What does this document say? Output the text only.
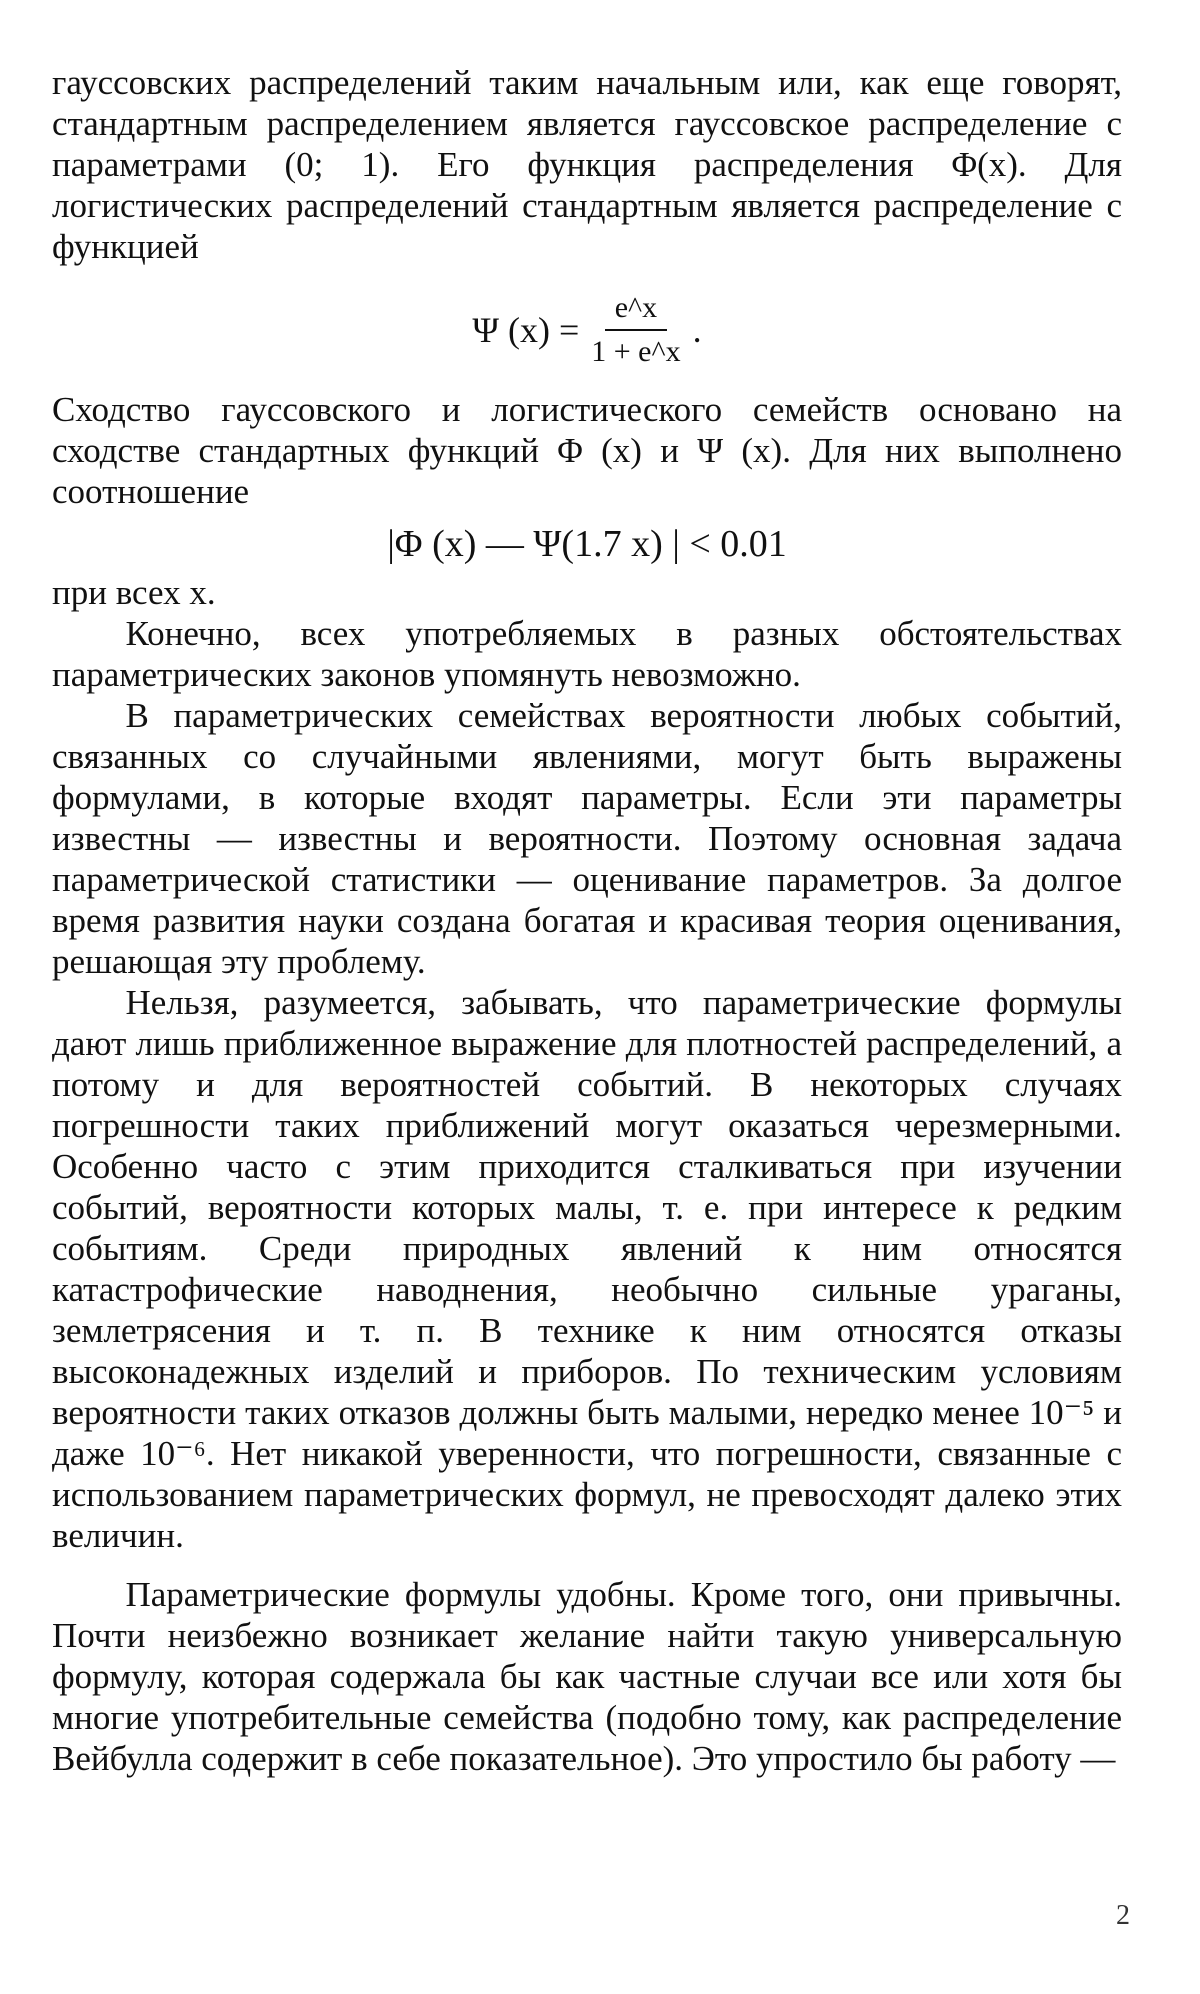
гауссовских распределений таким начальным или, как еще говорят, стандартным распределением является гауссовское распределение с параметрами (0; 1). Его функция распределения Φ(x). Для логистических распределений стандартным является распределение с функцией

Ψ $(x) = \frac{e\^{}x}{1 + e\^{}x}$ .

Сходство гауссовского и логистического семейств основано на сходстве стандартных функций Φ (x) и Ψ (x). Для них выполнено соотношение

|Φ (x) — Ψ(1.7 x) | < 0.01

при всех x.

Конечно, всех употребляемых в разных обстоятельствах параметрических законов упомянуть невозможно.

В параметрических семействах вероятности любых событий, связанных со случайными явлениями, могут быть выражены формулами, в которые входят параметры. Если эти параметры известны — известны и вероятности. Поэтому основная задача параметрической статистики — оценивание параметров. За долгое время развития науки создана богатая и красивая теория оценивания, решающая эту проблему.

Нельзя, разумеется, забывать, что параметрические формулы дают лишь приближенное выражение для плотностей распределений, а потому и для вероятностей событий. В некоторых случаях погрешности таких приближений могут оказаться черезмерными. Особенно часто с этим приходится сталкиваться при изучении событий, вероятности которых малы, т. е. при интересе к редким событиям. Среди природных явлений к ним относятся катастрофические наводнения, необычно сильные ураганы, землетрясения и т. п. В технике к ним относятся отказы высоконадежных изделий и приборов. По техническим условиям вероятности таких отказов должны быть малыми, нередко менее 10⁻⁵ и даже 10⁻⁶. Нет никакой уверенности, что погрешности, связанные с использованием параметрических формул, не превосходят далеко этих величин.

Параметрические формулы удобны. Кроме того, они привычны. Почти неизбежно возникает желание найти такую универсальную формулу, которая содержала бы как частные случаи все или хотя бы многие употребительные семейства (подобно тому, как распределение Вейбулла содержит в себе показательное). Это упростило бы работу —

2
